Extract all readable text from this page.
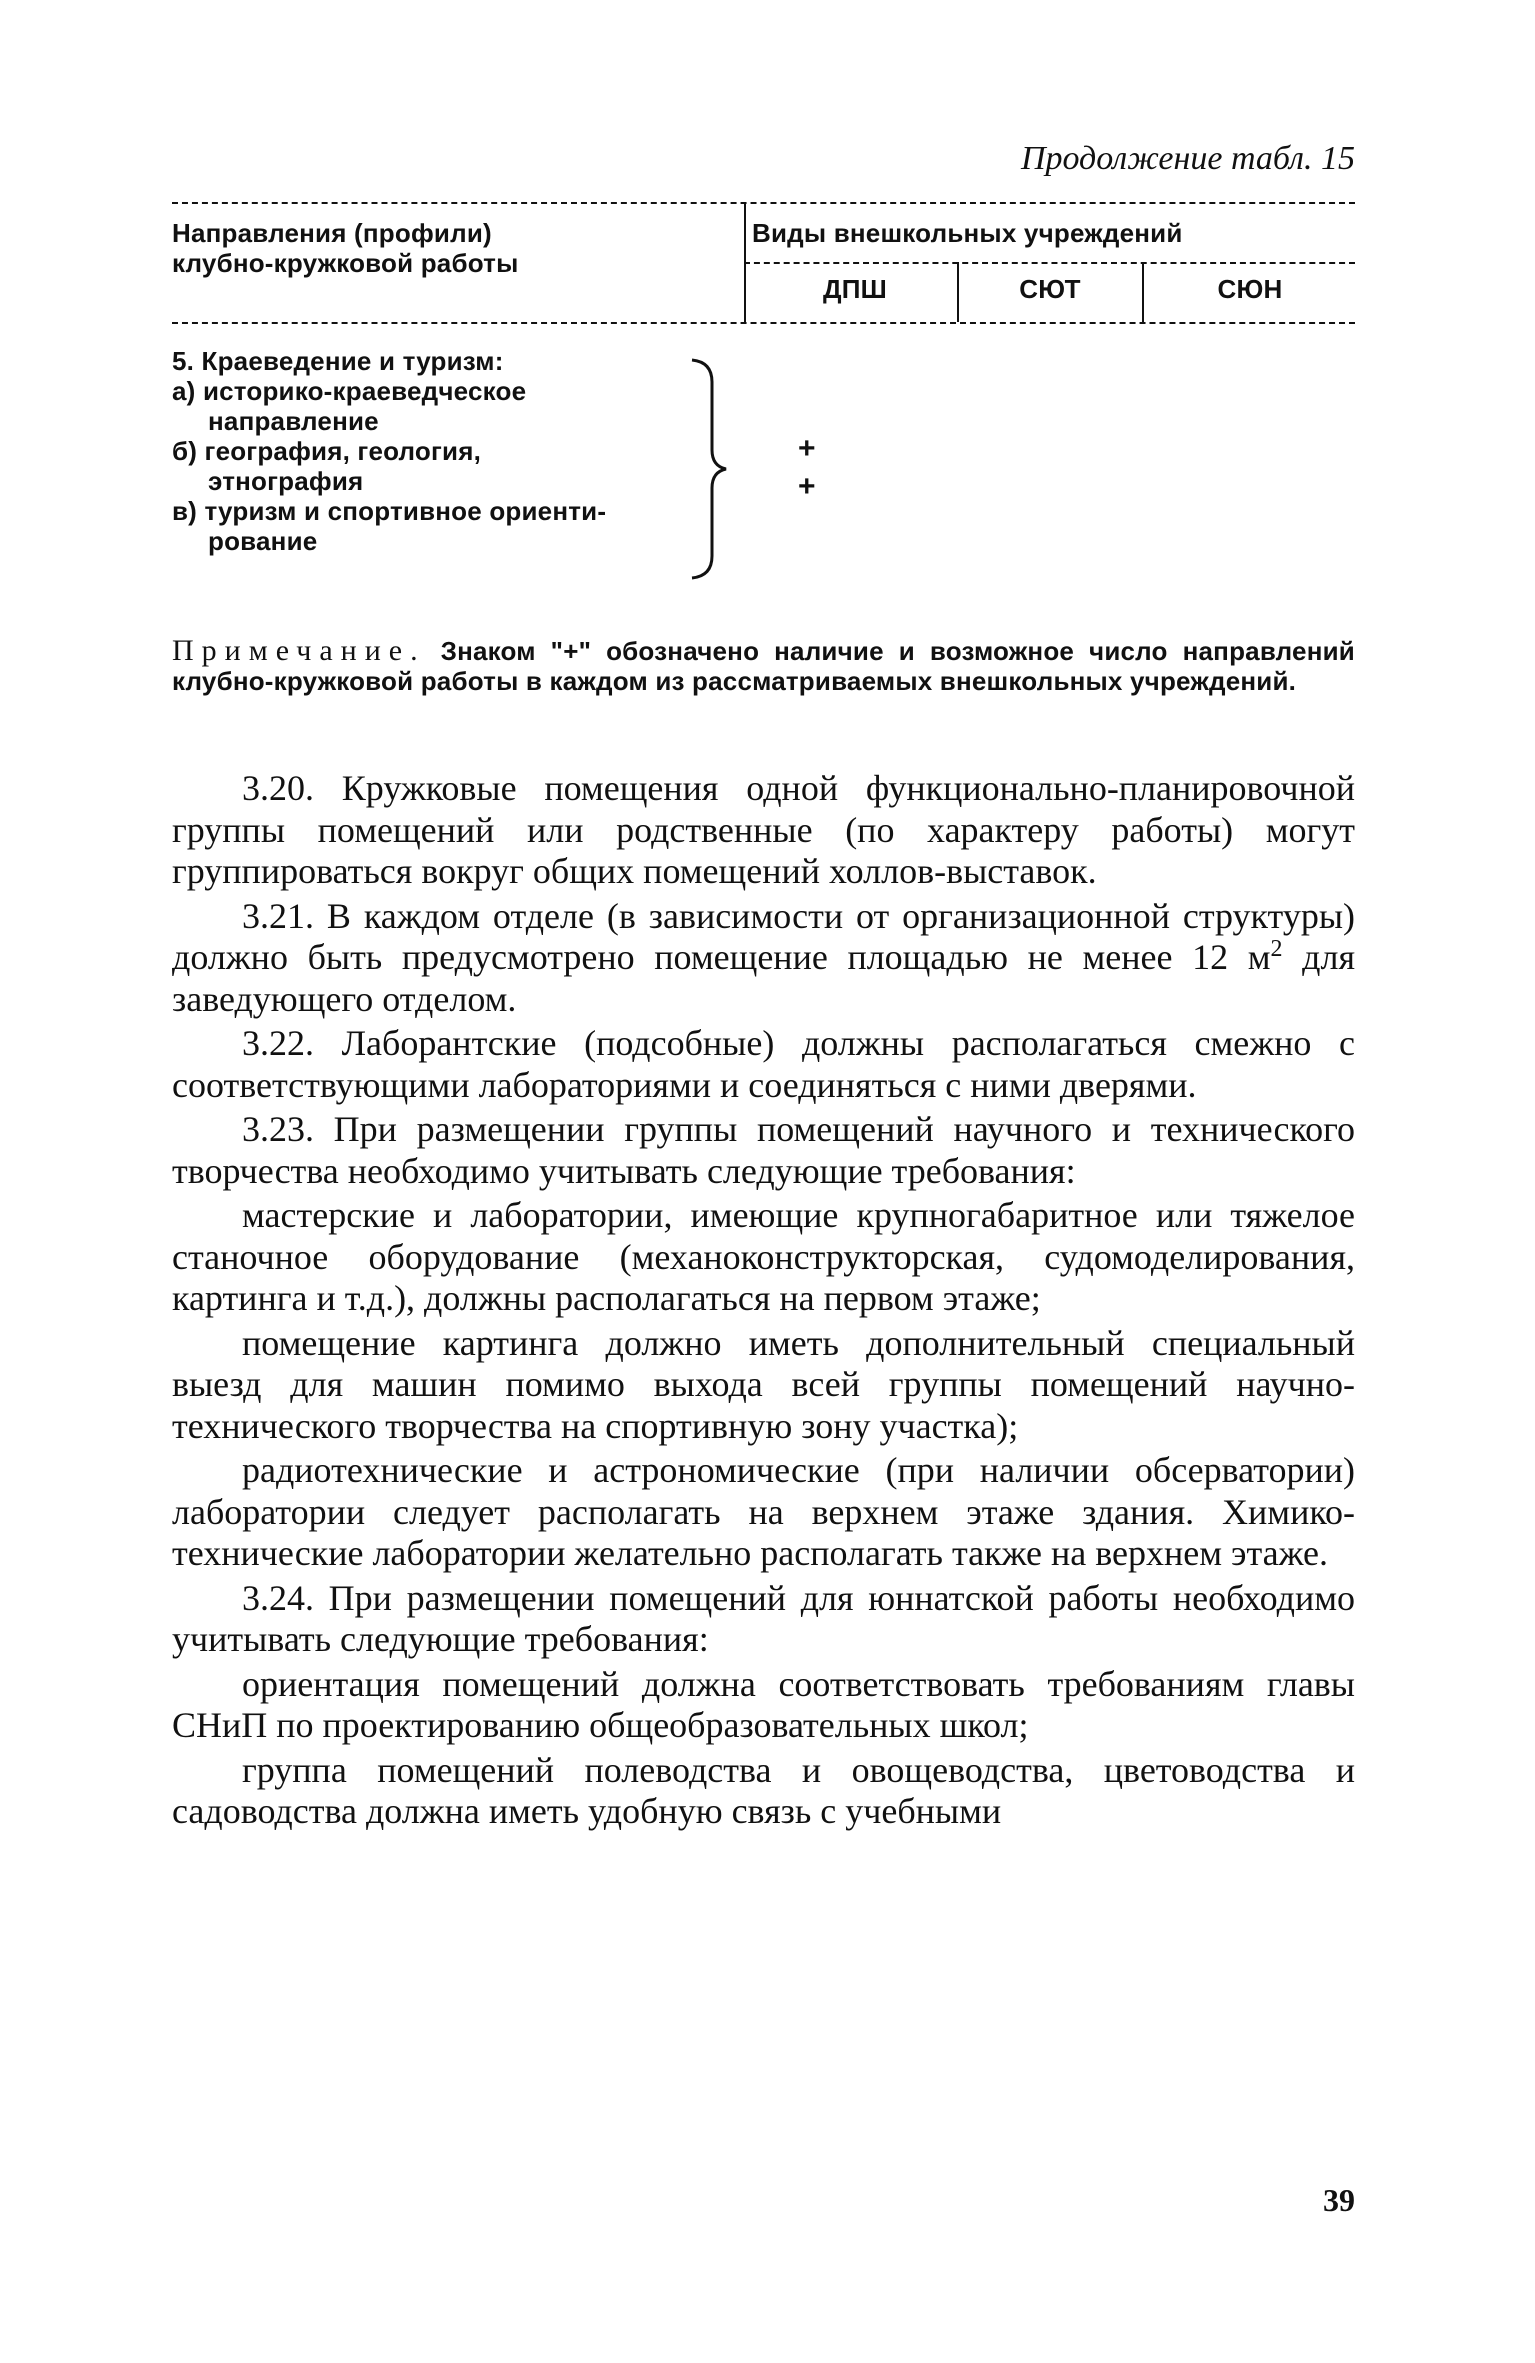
Продолжение табл. 15
Направления (профили)
клубно-кружковой работы
Виды внешкольных учреждений
ДПШ	СЮТ	СЮН
5. Краеведение и туризм:
а) историко-краеведческое
направление
б) география, геология,
этнография
в) туризм и спортивное ориенти-
рование
+
+
Примечание. Знаком "+" обозначено наличие и возможное число направлений клубно-кружковой работы в каждом из рассматриваемых внешкольных учреждений.

3.20. Кружковые помещения одной функционально-планировочной группы помещений или родственные (по характеру работы) могут группироваться вокруг общих помещений холлов-выставок.

3.21. В каждом отделе (в зависимости от организационной структуры) должно быть предусмотрено помещение площадью не менее 12 $м^2$ для заведующего отделом.

3.22. Лаборантские (подсобные) должны располагаться смежно с соответствующими лабораториями и соединяться с ними дверями.

3.23. При размещении группы помещений научного и технического творчества необходимо учитывать следующие требования:

мастерские и лаборатории, имеющие крупногабаритное или тяжелое станочное оборудование (механоконструкторская, судомоделирования, картинга и т.д.), должны располагаться на первом этаже;

помещение картинга должно иметь дополнительный специальный выезд для машин помимо выхода всей группы помещений научно-технического творчества на спортивную зону участка);

радиотехнические и астрономические (при наличии обсерватории) лаборатории следует располагать на верхнем этаже здания. Химико-технические лаборатории желательно располагать также на верхнем этаже.

3.24. При размещении помещений для юннатской работы необходимо учитывать следующие требования:

ориентация помещений должна соответствовать требованиям главы СНиП по проектированию общеобразовательных школ;

группа помещений полеводства и овощеводства, цветоводства и садоводства должна иметь удобную связь с учебными

39
